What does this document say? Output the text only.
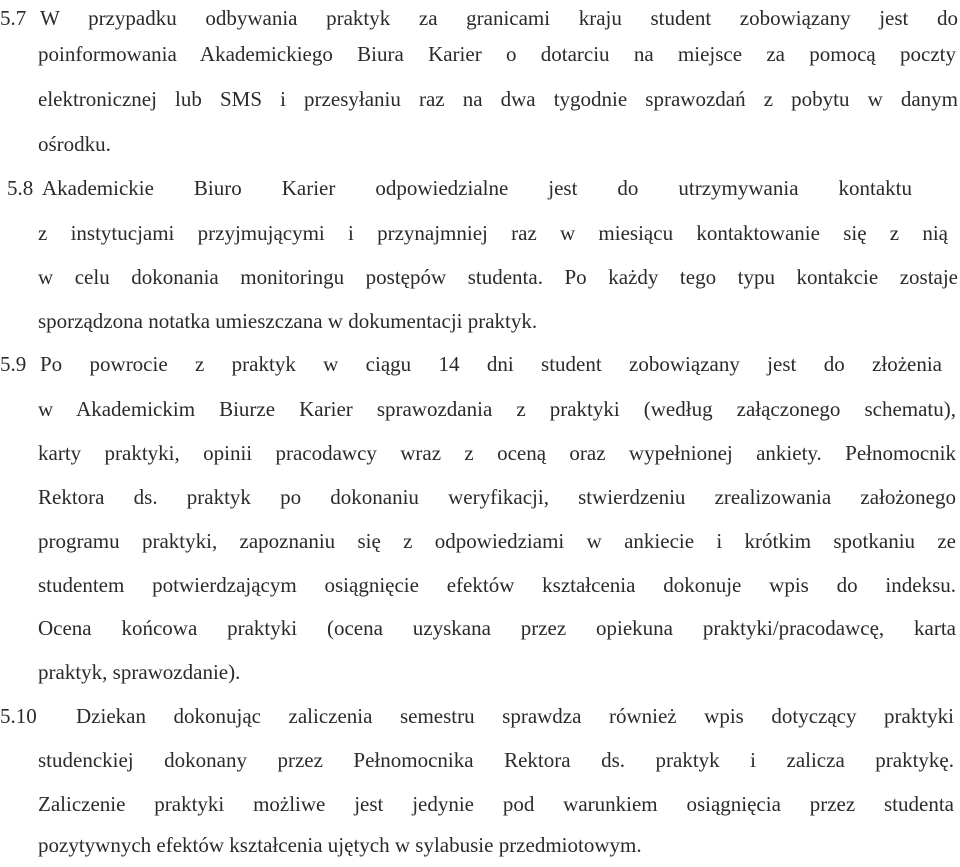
5.7 W przypadku odbywania praktyk za granicami kraju student zobowiązany jest do
poinformowania Akademickiego Biura Karier o dotarciu na miejsce za pomocą poczty
elektronicznej lub SMS i przesyłaniu raz na dwa tygodnie sprawozdań z pobytu w danym
ośrodku.
5.8 Akademickie Biuro Karier odpowiedzialne jest do utrzymywania kontaktu
z instytucjami przyjmującymi i przynajmniej raz w miesiącu kontaktowanie się z nią
w celu dokonania monitoringu postępów studenta. Po każdy tego typu kontakcie zostaje
sporządzona notatka umieszczana w dokumentacji praktyk.
5.9 Po powrocie z praktyk w ciągu 14 dni student zobowiązany jest do złożenia
w Akademickim Biurze Karier sprawozdania z praktyki (według załączonego schematu),
karty praktyki, opinii pracodawcy wraz z oceną oraz wypełnionej ankiety. Pełnomocnik
Rektora ds. praktyk po dokonaniu weryfikacji, stwierdzeniu zrealizowania założonego
programu praktyki, zapoznaniu się z odpowiedziami w ankiecie i krótkim spotkaniu ze
studentem potwierdzającym osiągnięcie efektów kształcenia dokonuje wpis do indeksu.
Ocena końcowa praktyki (ocena uzyskana przez opiekuna praktyki/pracodawcę, karta
praktyk, sprawozdanie).
5.10 Dziekan dokonując zaliczenia semestru sprawdza również wpis dotyczący praktyki
studenckiej dokonany przez Pełnomocnika Rektora ds. praktyk i zalicza praktykę.
Zaliczenie praktyki możliwe jest jedynie pod warunkiem osiągnięcia przez studenta
pozytywnych efektów kształcenia ujętych w sylabusie przedmiotowym.
